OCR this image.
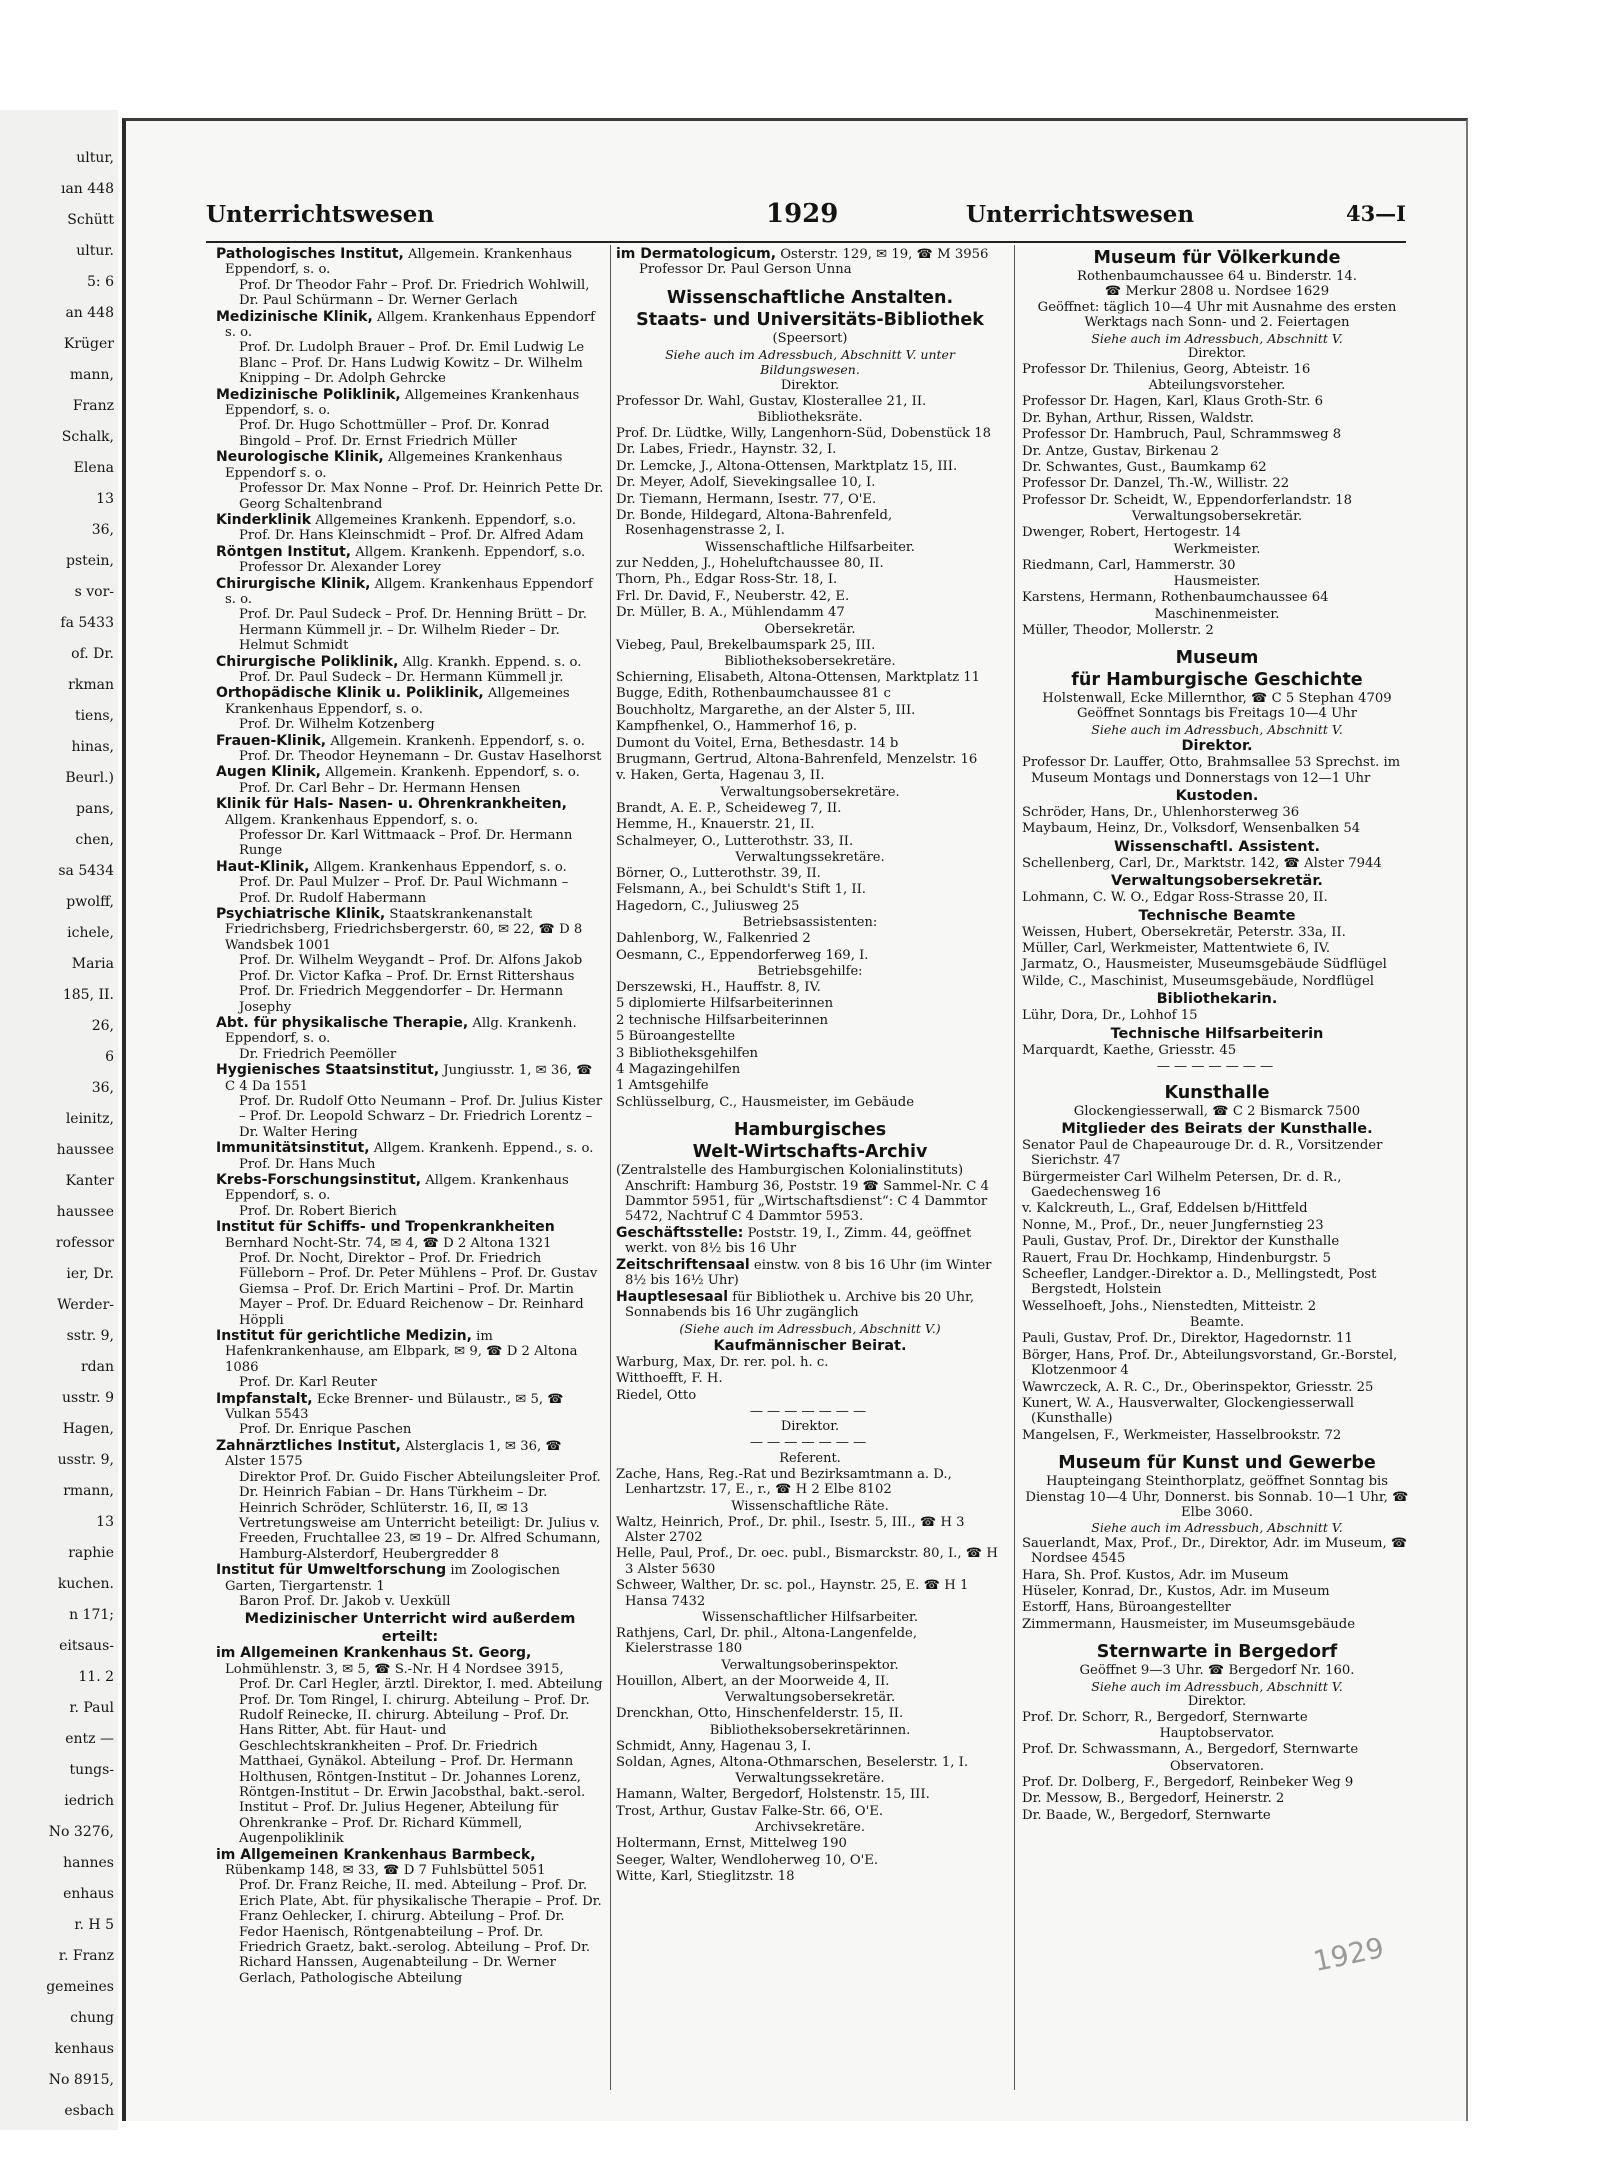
ultur,
ıan 448
Schütt
ultur.
5: 6
an 448
Krüger
mann,
Franz
Schalk,
Elena
13
36,
pstein,
s vor-
fa 5433
of. Dr.
rkman
tiens,
hinas,
Beurl.)
pans,
chen,
sa 5434
pwolff,
ichele,
Maria
185, II.
26,
6
36,
leinitz,
haussee
Kanter
haussee
rofessor
ier, Dr.
Werder-
sstr. 9,
rdan
usstr. 9
Hagen,
usstr. 9,
rmann,
13
raphie
kuchen.
n 171;
eitsaus-
11. 2
r. Paul
entz —
tungs-
iedrich
No 3276,
hannes
enhaus
r. H 5
r. Franz
gemeines
chung
kenhaus
No 8915,
esbach
Unterrichtswesen	1929	Unterrichtswesen	43—I
Pathologisches Institut, Allgemein. Krankenhaus Eppendorf, s. o.
Prof. Dr Theodor Fahr – Prof. Dr. Friedrich Wohlwill, Dr. Paul Schürmann – Dr. Werner Gerlach
Medizinische Klinik, Allgem. Krankenhaus Eppendorf s. o.
Prof. Dr. Ludolph Brauer – Prof. Dr. Emil Ludwig Le Blanc – Prof. Dr. Hans Ludwig Kowitz – Dr. Wilhelm Knipping – Dr. Adolph Gehrcke
Medizinische Poliklinik, Allgemeines Krankenhaus Eppendorf, s. o.
Prof. Dr. Hugo Schottmüller – Prof. Dr. Konrad Bingold – Prof. Dr. Ernst Friedrich Müller
Neurologische Klinik, Allgemeines Krankenhaus Eppendorf s. o.
Professor Dr. Max Nonne – Prof. Dr. Heinrich Pette Dr. Georg Schaltenbrand
Kinderklinik Allgemeines Krankenh. Eppendorf, s.o.
Prof. Dr. Hans Kleinschmidt – Prof. Dr. Alfred Adam
Röntgen Institut, Allgem. Krankenh. Eppendorf, s.o.
Professor Dr. Alexander Lorey
Chirurgische Klinik, Allgem. Krankenhaus Eppendorf s. o.
Prof. Dr. Paul Sudeck – Prof. Dr. Henning Brütt – Dr. Hermann Kümmell jr. – Dr. Wilhelm Rieder – Dr. Helmut Schmidt
Chirurgische Poliklinik, Allg. Krankh. Eppend. s. o.
Prof. Dr. Paul Sudeck – Dr. Hermann Kümmell jr.
Orthopädische Klinik u. Poliklinik, Allgemeines Krankenhaus Eppendorf, s. o.
Prof. Dr. Wilhelm Kotzenberg
Frauen-Klinik, Allgemein. Krankenh. Eppendorf, s. o.
Prof. Dr. Theodor Heynemann – Dr. Gustav Haselhorst
Augen Klinik, Allgemein. Krankenh. Eppendorf, s. o.
Prof. Dr. Carl Behr – Dr. Hermann Hensen
Klinik für Hals- Nasen- u. Ohrenkrankheiten, Allgem. Krankenhaus Eppendorf, s. o.
Professor Dr. Karl Wittmaack – Prof. Dr. Hermann Runge
Haut-Klinik, Allgem. Krankenhaus Eppendorf, s. o.
Prof. Dr. Paul Mulzer – Prof. Dr. Paul Wichmann – Prof. Dr. Rudolf Habermann
Psychiatrische Klinik, Staatskrankenanstalt Friedrichsberg, Friedrichsbergerstr. 60, ✉ 22, ☎ D 8 Wandsbek 1001
Prof. Dr. Wilhelm Weygandt – Prof. Dr. Alfons Jakob Prof. Dr. Victor Kafka – Prof. Dr. Ernst Rittershaus Prof. Dr. Friedrich Meggendorfer – Dr. Hermann Josephy
Abt. für physikalische Therapie, Allg. Krankenh. Eppendorf, s. o.
Dr. Friedrich Peemöller
Hygienisches Staatsinstitut, Jungiusstr. 1, ✉ 36, ☎ C 4 Da 1551
Prof. Dr. Rudolf Otto Neumann – Prof. Dr. Julius Kister – Prof. Dr. Leopold Schwarz – Dr. Friedrich Lorentz – Dr. Walter Hering
Immunitätsinstitut, Allgem. Krankenh. Eppend., s. o.
Prof. Dr. Hans Much
Krebs-Forschungsinstitut, Allgem. Krankenhaus Eppendorf, s. o.
Prof. Dr. Robert Bierich
Institut für Schiffs- und Tropenkrankheiten Bernhard Nocht-Str. 74, ✉ 4, ☎ D 2 Altona 1321
Prof. Dr. Nocht, Direktor – Prof. Dr. Friedrich Fülleborn – Prof. Dr. Peter Mühlens – Prof. Dr. Gustav Giemsa – Prof. Dr. Erich Martini – Prof. Dr. Martin Mayer – Prof. Dr. Eduard Reichenow – Dr. Reinhard Höppli
Institut für gerichtliche Medizin, im Hafenkrankenhause, am Elbpark, ✉ 9, ☎ D 2 Altona 1086
Prof. Dr. Karl Reuter
Impfanstalt, Ecke Brenner- und Bülaustr., ✉ 5, ☎ Vulkan 5543
Prof. Dr. Enrique Paschen
Zahnärztliches Institut, Alsterglacis 1, ✉ 36, ☎ Alster 1575
Direktor Prof. Dr. Guido Fischer Abteilungsleiter Prof. Dr. Heinrich Fabian – Dr. Hans Türkheim – Dr. Heinrich Schröder, Schlüterstr. 16, II, ✉ 13 Vertretungsweise am Unterricht beteiligt: Dr. Julius v. Freeden, Fruchtallee 23, ✉ 19 – Dr. Alfred Schumann, Hamburg-Alsterdorf, Heubergredder 8
Institut für Umweltforschung im Zoologischen Garten, Tiergartenstr. 1
Baron Prof. Dr. Jakob v. Uexküll
Medizinischer Unterricht wird außerdem erteilt:
im Allgemeinen Krankenhaus St. Georg, Lohmühlenstr. 3, ✉ 5, ☎ S.-Nr. H 4 Nordsee 3915,
Prof. Dr. Carl Hegler, ärztl. Direktor, I. med. Abteilung Prof. Dr. Tom Ringel, I. chirurg. Abteilung – Prof. Dr. Rudolf Reinecke, II. chirurg. Abteilung – Prof. Dr. Hans Ritter, Abt. für Haut- und Geschlechtskrankheiten – Prof. Dr. Friedrich Matthaei, Gynäkol. Abteilung – Prof. Dr. Hermann Holthusen, Röntgen-Institut – Dr. Johannes Lorenz, Röntgen-Institut – Dr. Erwin Jacobsthal, bakt.-serol. Institut – Prof. Dr. Julius Hegener, Abteilung für Ohrenkranke – Prof. Dr. Richard Kümmell, Augenpoliklinik
im Allgemeinen Krankenhaus Barmbeck, Rübenkamp 148, ✉ 33, ☎ D 7 Fuhlsbüttel 5051
Prof. Dr. Franz Reiche, II. med. Abteilung – Prof. Dr. Erich Plate, Abt. für physikalische Therapie – Prof. Dr. Franz Oehlecker, I. chirurg. Abteilung – Prof. Dr. Fedor Haenisch, Röntgenabteilung – Prof. Dr. Friedrich Graetz, bakt.-serolog. Abteilung – Prof. Dr. Richard Hanssen, Augenabteilung – Dr. Werner Gerlach, Pathologische Abteilung
im Dermatologicum, Osterstr. 129, ✉ 19, ☎ M 3956
Professor Dr. Paul Gerson Unna
Wissenschaftliche Anstalten.
Staats- und Universitäts-Bibliothek
(Speersort)
Siehe auch im Adressbuch, Abschnitt V. unter Bildungswesen.
Direktor.
Professor Dr. Wahl, Gustav, Klosterallee 21, II.
Bibliotheksräte.
Prof. Dr. Lüdtke, Willy, Langenhorn-Süd, Dobenstück 18
Dr. Labes, Friedr., Haynstr. 32, I.
Dr. Lemcke, J., Altona-Ottensen, Marktplatz 15, III.
Dr. Meyer, Adolf, Sievekingsallee 10, I.
Dr. Tiemann, Hermann, Isestr. 77, O'E.
Dr. Bonde, Hildegard, Altona-Bahrenfeld, Rosenhagenstrasse 2, I.
Wissenschaftliche Hilfsarbeiter.
zur Nedden, J., Hoheluftchaussee 80, II.
Thorn, Ph., Edgar Ross-Str. 18, I.
Frl. Dr. David, F., Neuberstr. 42, E.
Dr. Müller, B. A., Mühlendamm 47
Obersekretär.
Viebeg, Paul, Brekelbaumspark 25, III.
Bibliotheksobersekretäre.
Schierning, Elisabeth, Altona-Ottensen, Marktplatz 11
Bugge, Edith, Rothenbaumchaussee 81 c
Bouchholtz, Margarethe, an der Alster 5, III.
Kampfhenkel, O., Hammerhof 16, p.
Dumont du Voitel, Erna, Bethesdastr. 14 b
Brugmann, Gertrud, Altona-Bahrenfeld, Menzelstr. 16
v. Haken, Gerta, Hagenau 3, II.
Verwaltungsobersekretäre.
Brandt, A. E. P., Scheideweg 7, II.
Hemme, H., Knauerstr. 21, II.
Schalmeyer, O., Lutterothstr. 33, II.
Verwaltungssekretäre.
Börner, O., Lutterothstr. 39, II.
Felsmann, A., bei Schuldt's Stift 1, II.
Hagedorn, C., Juliusweg 25
Betriebsassistenten:
Dahlenborg, W., Falkenried 2
Oesmann, C., Eppendorferweg 169, I.
Betriebsgehilfe:
Derszewski, H., Hauffstr. 8, IV.
5 diplomierte Hilfsarbeiterinnen
2 technische Hilfsarbeiterinnen
5 Büroangestellte
3 Bibliotheksgehilfen
4 Magazingehilfen
1 Amtsgehilfe
Schlüsselburg, C., Hausmeister, im Gebäude
Hamburgisches
Welt-Wirtschafts-Archiv
(Zentralstelle des Hamburgischen Kolonialinstituts) Anschrift: Hamburg 36, Poststr. 19 ☎ Sammel-Nr. C 4 Dammtor 5951, für „Wirtschaftsdienst“: C 4 Dammtor 5472, Nachtruf C 4 Dammtor 5953.
Geschäftsstelle: Poststr. 19, I., Zimm. 44, geöffnet werkt. von 8½ bis 16 Uhr
Zeitschriftensaal einstw. von 8 bis 16 Uhr (im Winter 8½ bis 16½ Uhr)
Hauptlesesaal für Bibliothek u. Archive bis 20 Uhr, Sonnabends bis 16 Uhr zugänglich
(Siehe auch im Adressbuch, Abschnitt V.)
Kaufmännischer Beirat.
Warburg, Max, Dr. rer. pol. h. c.
Witthoefft, F. H.
Riedel, Otto
———————
Direktor.
———————
Referent.
Zache, Hans, Reg.-Rat und Bezirksamtmann a. D., Lenhartzstr. 17, E., r., ☎ H 2 Elbe 8102
Wissenschaftliche Räte.
Waltz, Heinrich, Prof., Dr. phil., Isestr. 5, III., ☎ H 3 Alster 2702
Helle, Paul, Prof., Dr. oec. publ., Bismarckstr. 80, I., ☎ H 3 Alster 5630
Schweer, Walther, Dr. sc. pol., Haynstr. 25, E. ☎ H 1 Hansa 7432
Wissenschaftlicher Hilfsarbeiter.
Rathjens, Carl, Dr. phil., Altona-Langenfelde, Kielerstrasse 180
Verwaltungsoberinspektor.
Houillon, Albert, an der Moorweide 4, II.
Verwaltungsobersekretär.
Drenckhan, Otto, Hinschenfelderstr. 15, II.
Bibliotheksobersekretärinnen.
Schmidt, Anny, Hagenau 3, I.
Soldan, Agnes, Altona-Othmarschen, Beselerstr. 1, I.
Verwaltungssekretäre.
Hamann, Walter, Bergedorf, Holstenstr. 15, III.
Trost, Arthur, Gustav Falke-Str. 66, O'E.
Archivsekretäre.
Holtermann, Ernst, Mittelweg 190
Seeger, Walter, Wendloherweg 10, O'E.
Witte, Karl, Stieglitzstr. 18
Museum für Völkerkunde
Rothenbaumchaussee 64 u. Binderstr. 14.
☎ Merkur 2808 u. Nordsee 1629
Geöffnet: täglich 10—4 Uhr mit Ausnahme des ersten Werktags nach Sonn- und 2. Feiertagen
Siehe auch im Adressbuch, Abschnitt V.
Direktor.
Professor Dr. Thilenius, Georg, Abteistr. 16
Abteilungsvorsteher.
Professor Dr. Hagen, Karl, Klaus Groth-Str. 6
Dr. Byhan, Arthur, Rissen, Waldstr.
Professor Dr. Hambruch, Paul, Schrammsweg 8
Dr. Antze, Gustav, Birkenau 2
Dr. Schwantes, Gust., Baumkamp 62
Professor Dr. Danzel, Th.-W., Willistr. 22
Professor Dr. Scheidt, W., Eppendorferlandstr. 18
Verwaltungsobersekretär.
Dwenger, Robert, Hertogestr. 14
Werkmeister.
Riedmann, Carl, Hammerstr. 30
Hausmeister.
Karstens, Hermann, Rothenbaumchaussee 64
Maschinenmeister.
Müller, Theodor, Mollerstr. 2
Museum
für Hamburgische Geschichte
Holstenwall, Ecke Millernthor, ☎ C 5 Stephan 4709
Geöffnet Sonntags bis Freitags 10—4 Uhr
Siehe auch im Adressbuch, Abschnitt V.
Direktor.
Professor Dr. Lauffer, Otto, Brahmsallee 53 Sprechst. im Museum Montags und Donnerstags von 12—1 Uhr
Kustoden.
Schröder, Hans, Dr., Uhlenhorsterweg 36
Maybaum, Heinz, Dr., Volksdorf, Wensenbalken 54
Wissenschaftl. Assistent.
Schellenberg, Carl, Dr., Marktstr. 142, ☎ Alster 7944
Verwaltungsobersekretär.
Lohmann, C. W. O., Edgar Ross-Strasse 20, II.
Technische Beamte
Weissen, Hubert, Obersekretär, Peterstr. 33a, II.
Müller, Carl, Werkmeister, Mattentwiete 6, IV.
Jarmatz, O., Hausmeister, Museumsgebäude Südflügel
Wilde, C., Maschinist, Museumsgebäude, Nordflügel
Bibliothekarin.
Lühr, Dora, Dr., Lohhof 15
Technische Hilfsarbeiterin
Marquardt, Kaethe, Griesstr. 45
———————
Kunsthalle
Glockengiesserwall, ☎ C 2 Bismarck 7500
Mitglieder des Beirats der Kunsthalle.
Senator Paul de Chapeaurouge Dr. d. R., Vorsitzender Sierichstr. 47
Bürgermeister Carl Wilhelm Petersen, Dr. d. R., Gaedechensweg 16
v. Kalckreuth, L., Graf, Eddelsen b/Hittfeld
Nonne, M., Prof., Dr., neuer Jungfernstieg 23
Pauli, Gustav, Prof. Dr., Direktor der Kunsthalle
Rauert, Frau Dr. Hochkamp, Hindenburgstr. 5
Scheefler, Landger.-Direktor a. D., Mellingstedt, Post Bergstedt, Holstein
Wesselhoeft, Johs., Nienstedten, Mitteistr. 2
Beamte.
Pauli, Gustav, Prof. Dr., Direktor, Hagedornstr. 11
Börger, Hans, Prof. Dr., Abteilungsvorstand, Gr.-Borstel, Klotzenmoor 4
Wawrczeck, A. R. C., Dr., Oberinspektor, Griesstr. 25
Kunert, W. A., Hausverwalter, Glockengiesserwall (Kunsthalle)
Mangelsen, F., Werkmeister, Hasselbrookstr. 72
Museum für Kunst und Gewerbe
Haupteingang Steinthorplatz, geöffnet Sonntag bis Dienstag 10—4 Uhr, Donnerst. bis Sonnab. 10—1 Uhr, ☎ Elbe 3060.
Siehe auch im Adressbuch, Abschnitt V.
Sauerlandt, Max, Prof., Dr., Direktor, Adr. im Museum, ☎ Nordsee 4545
Hara, Sh. Prof. Kustos, Adr. im Museum
Hüseler, Konrad, Dr., Kustos, Adr. im Museum
Estorff, Hans, Büroangestellter
Zimmermann, Hausmeister, im Museumsgebäude
Sternwarte in Bergedorf
Geöffnet 9—3 Uhr. ☎ Bergedorf Nr. 160.
Siehe auch im Adressbuch, Abschnitt V.
Direktor.
Prof. Dr. Schorr, R., Bergedorf, Sternwarte
Hauptobservator.
Prof. Dr. Schwassmann, A., Bergedorf, Sternwarte
Observatoren.
Prof. Dr. Dolberg, F., Bergedorf, Reinbeker Weg 9
Dr. Messow, B., Bergedorf, Heinerstr. 2
Dr. Baade, W., Bergedorf, Sternwarte
1929
